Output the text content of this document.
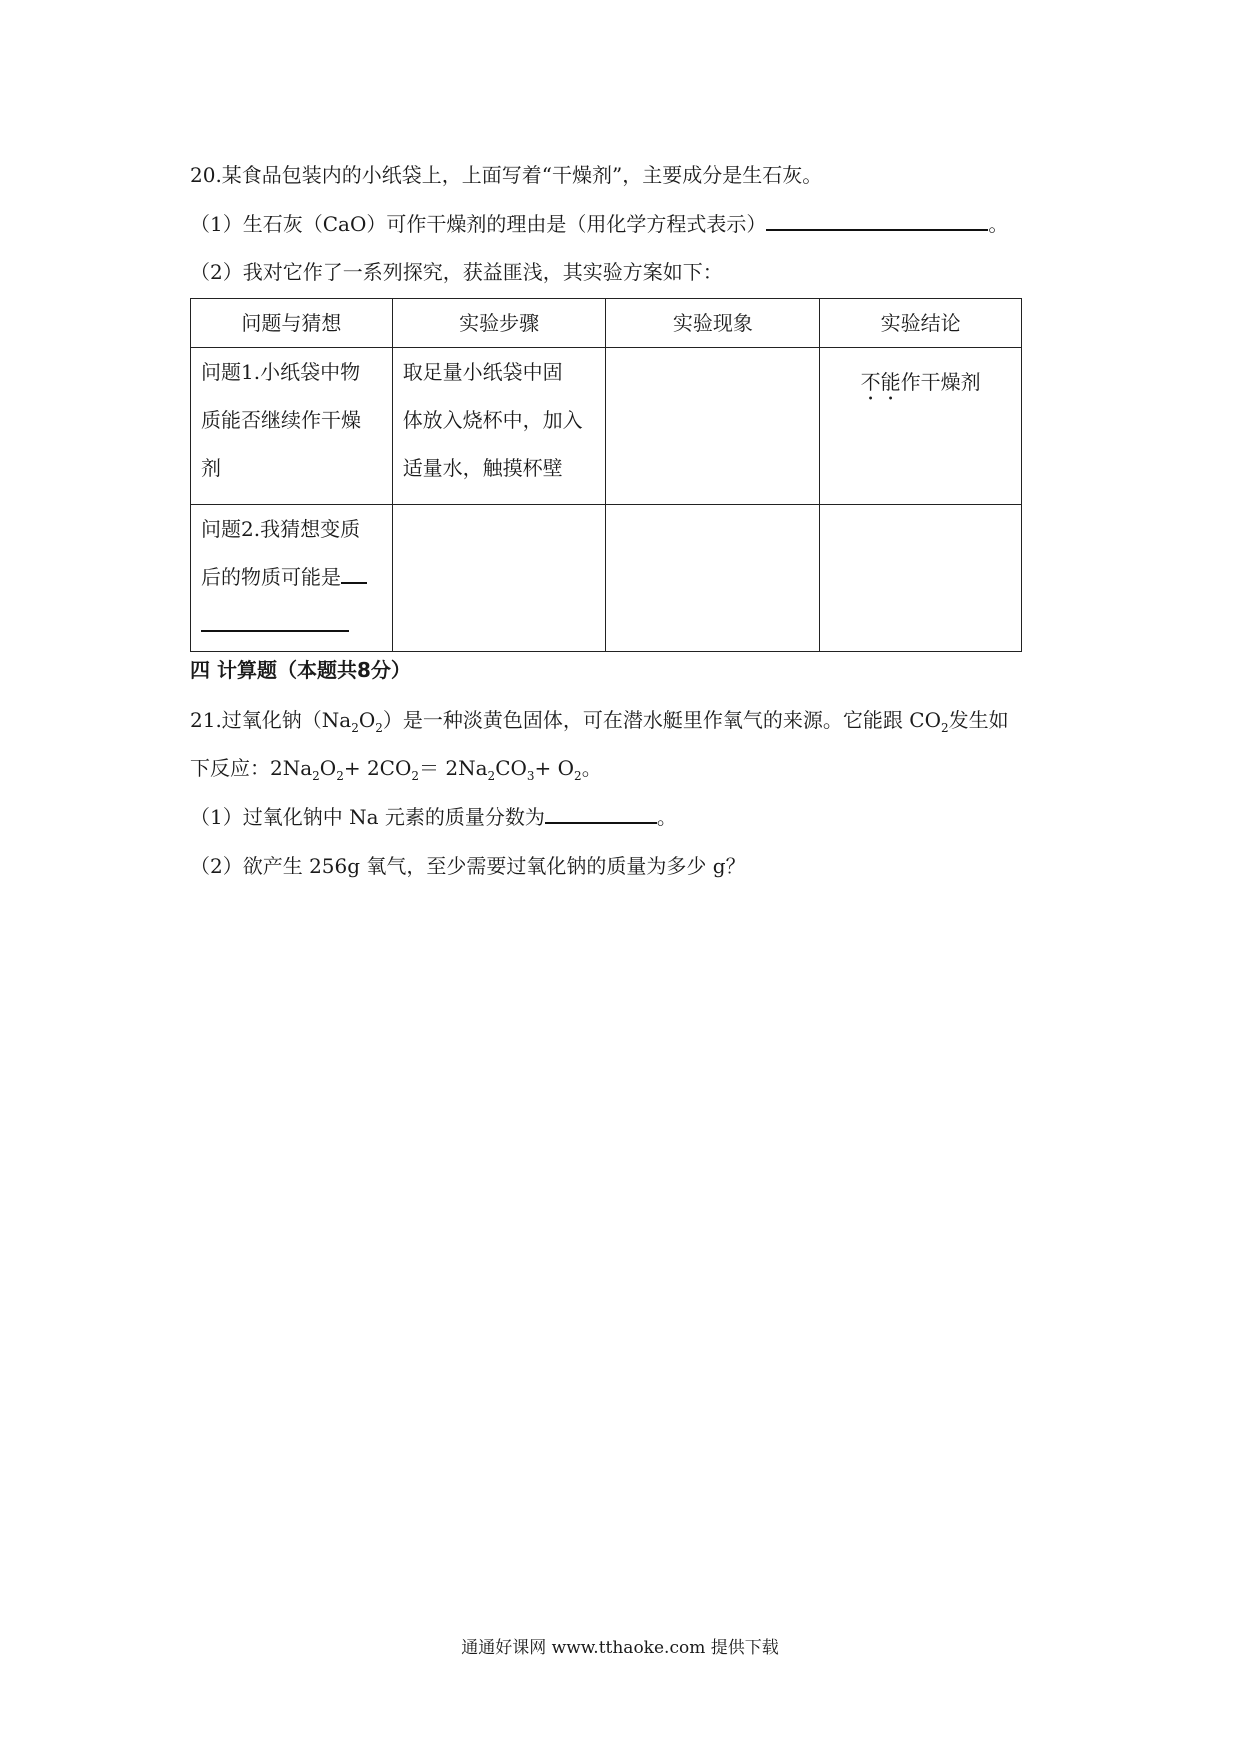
20.某食品包装内的小纸袋上，上面写着“干燥剂”，主要成分是生石灰。
（1）生石灰（CaO）可作干燥剂的理由是（用化学方程式表示）	。
（2）我对它作了一系列探究，获益匪浅，其实验方案如下：
问题与猜想	实验步骤	实验现象	实验结论

问题1.小纸袋中物
质能否继续作干燥
剂	取足量小纸袋中固
体放入烧杯中，加入
适量水，触摸杯壁		不能作干燥剂

问题2.我猜想变质
后的物质可能是			

四 计算题（本题共8分）
21.过氧化钠$(Na_2O_2)$是一种淡黄色固体，可在潜水艇里作氧气的来源。它能跟 $CO_2$发生如
下反应：$2Na_2O_2+ 2CO_2= 2Na_2CO_3+ O_2$。
（1）过氧化钠中 Na 元素的质量分数为	。
（2）欲产生 256g 氧气，至少需要过氧化钠的质量为多少 g？
通通好课网 www.tthaoke.com 提供下载
